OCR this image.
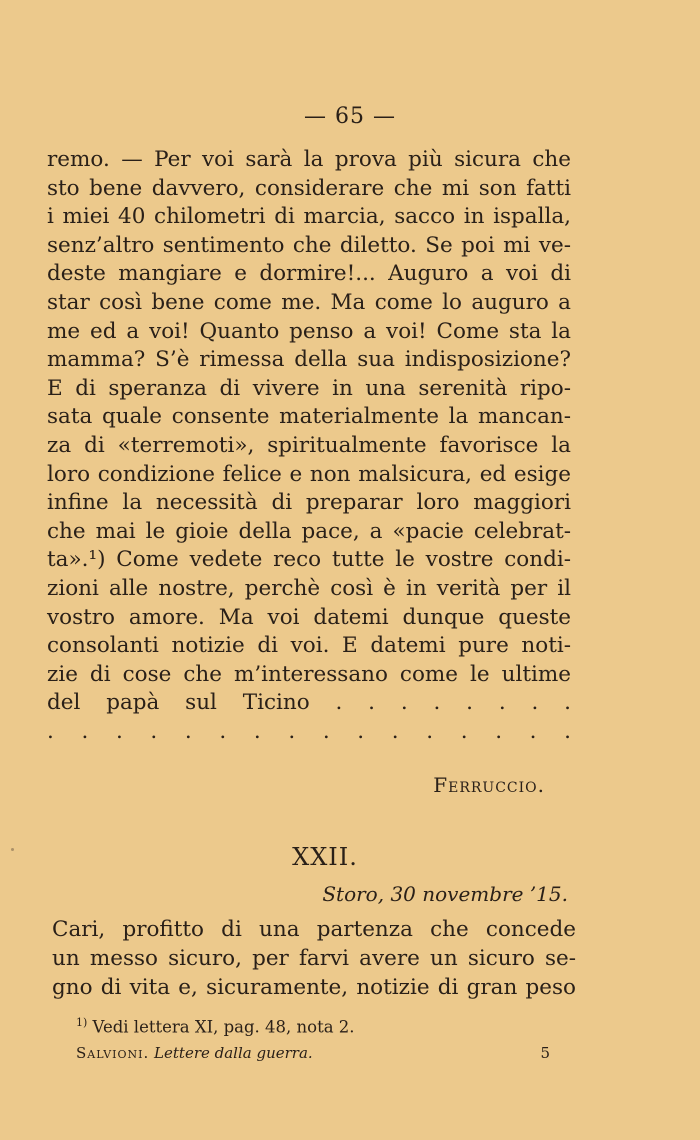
— 65 —
remo. — Per voi sarà la prova più sicura che
sto bene davvero, considerare che mi son fatti
i miei 40 chilometri di marcia, sacco in ispalla,
senz’altro sentimento che diletto. Se poi mi ve-
deste mangiare e dormire!... Auguro a voi di
star così bene come me. Ma come lo auguro a
me ed a voi! Quanto penso a voi! Come sta la
mamma? S’è rimessa della sua indisposizione?
E di speranza di vivere in una serenità ripo-
sata quale consente materialmente la mancan-
za di «terremoti», spiritualmente favorisce la
loro condizione felice e non malsicura, ed esige
infine la necessità di preparar loro maggiori
che mai le gioie della pace, a «pacie celebrat-
ta».¹) Come vedete reco tutte le vostre condi-
zioni alle nostre, perchè così è in verità per il
vostro amore. Ma voi datemi dunque queste
consolanti notizie di voi. E datemi pure noti-
zie di cose che m’interessano come le ultime
del papà sul Ticino . . . . . . . .
. . . . . . . . . . . . . . . .
Ferruccio.
XXII.
Storo, 30 novembre ’15.
Cari, profitto di una partenza che concede
un messo sicuro, per farvi avere un sicuro se-
gno di vita e, sicuramente, notizie di gran peso
$^{1)}$ Vedi lettera XI, pag. 48, nota 2.
Salvioni. Lettere dalla guerra.	5
